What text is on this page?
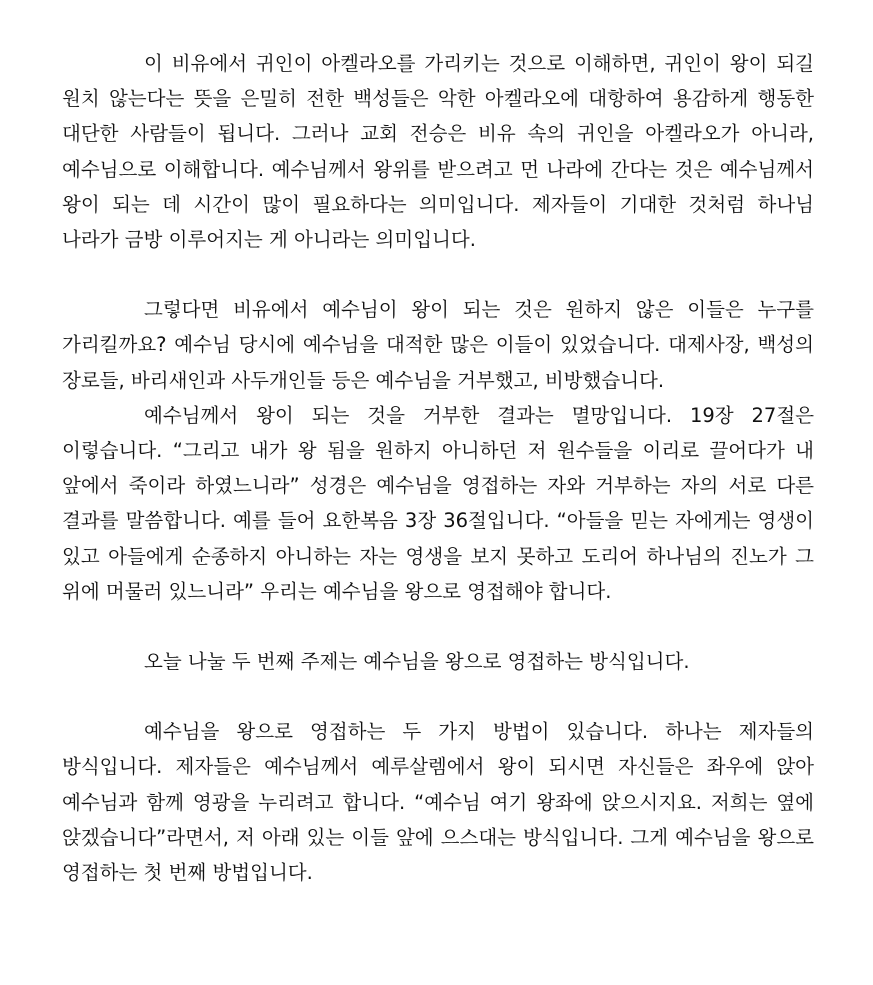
이 비유에서 귀인이 아켈라오를 가리키는 것으로 이해하면, 귀인이 왕이 되길 원치 않는다는 뜻을 은밀히 전한 백성들은 악한 아켈라오에 대항하여 용감하게 행동한 대단한 사람들이 됩니다. 그러나 교회 전승은 비유 속의 귀인을 아켈라오가 아니라, 예수님으로 이해합니다. 예수님께서 왕위를 받으려고 먼 나라에 간다는 것은 예수님께서 왕이 되는 데 시간이 많이 필요하다는 의미입니다. 제자들이 기대한 것처럼 하나님 나라가 금방 이루어지는 게 아니라는 의미입니다.

그렇다면 비유에서 예수님이 왕이 되는 것은 원하지 않은 이들은 누구를 가리킬까요? 예수님 당시에 예수님을 대적한 많은 이들이 있었습니다. 대제사장, 백성의 장로들, 바리새인과 사두개인들 등은 예수님을 거부했고, 비방했습니다.

예수님께서 왕이 되는 것을 거부한 결과는 멸망입니다. 19장 27절은 이렇습니다. “그리고 내가 왕 됨을 원하지 아니하던 저 원수들을 이리로 끌어다가 내 앞에서 죽이라 하였느니라” 성경은 예수님을 영접하는 자와 거부하는 자의 서로 다른 결과를 말씀합니다. 예를 들어 요한복음 3장 36절입니다. “아들을 믿는 자에게는 영생이 있고 아들에게 순종하지 아니하는 자는 영생을 보지 못하고 도리어 하나님의 진노가 그 위에 머물러 있느니라” 우리는 예수님을 왕으로 영접해야 합니다.

오늘 나눌 두 번째 주제는 예수님을 왕으로 영접하는 방식입니다.

예수님을 왕으로 영접하는 두 가지 방법이 있습니다. 하나는 제자들의 방식입니다. 제자들은 예수님께서 예루살렘에서 왕이 되시면 자신들은 좌우에 앉아 예수님과 함께 영광을 누리려고 합니다. “예수님 여기 왕좌에 앉으시지요. 저희는 옆에 앉겠습니다”라면서, 저 아래 있는 이들 앞에 으스대는 방식입니다. 그게 예수님을 왕으로 영접하는 첫 번째 방법입니다.
